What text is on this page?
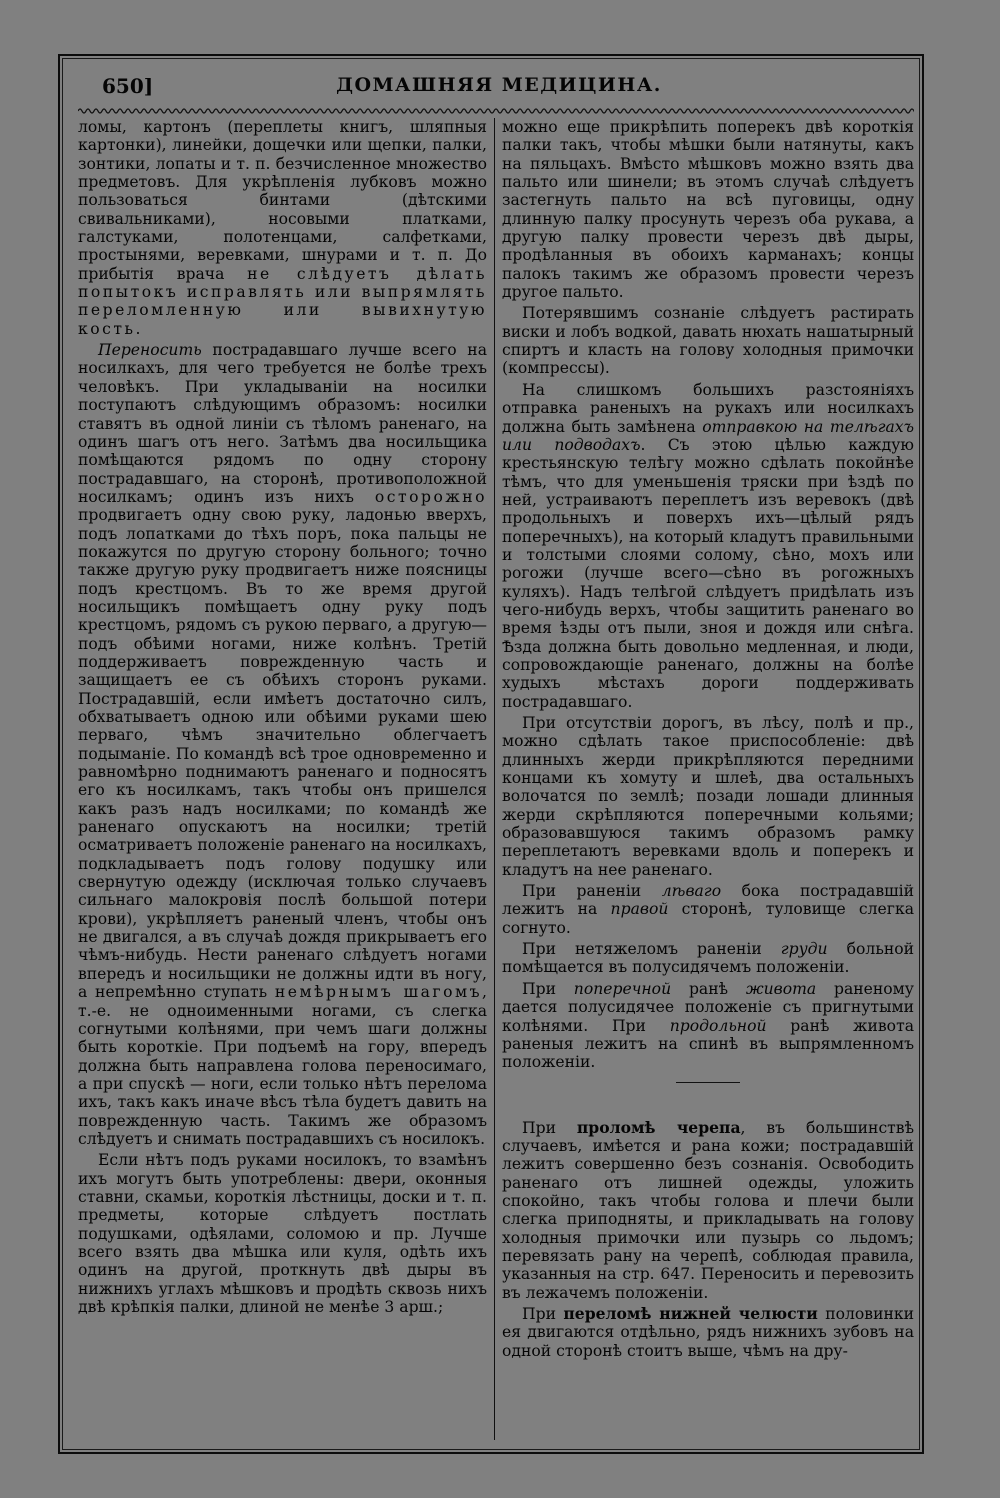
650]	ДОМАШНЯЯ МЕДИЦИНА.

ломы, картонъ (переплеты книгъ, шляпныя картонки), линейки, дощечки или щепки, палки, зонтики, лопаты и т. п. безчисленное множество предметовъ. Для укрѣпленія лубковъ можно пользоваться бинтами (дѣтскими свивальниками), носовыми платками, галстуками, полотенцами, салфетками, простынями, веревками, шнурами и т. п. До прибытія врача не слѣдуетъ дѣлать попытокъ исправлять или выпрямлять переломленную или вывихнутую кость.

Переносить пострадавшаго лучше всего на носилкахъ, для чего требуется не болѣе трехъ человѣкъ. При укладываніи на носилки поступаютъ слѣдующимъ образомъ: носилки ставятъ въ одной линіи съ тѣломъ раненаго, на одинъ шагъ отъ него. Затѣмъ два носильщика помѣщаются рядомъ по одну сторону пострадавшаго, на сторонѣ, противоположной носилкамъ; одинъ изъ нихъ осторожно продвигаетъ одну свою руку, ладонью вверхъ, подъ лопатками до тѣхъ поръ, пока пальцы не покажутся по другую сторону больного; точно также другую руку продвигаетъ ниже поясницы подъ крестцомъ. Въ то же время другой носильщикъ помѣщаетъ одну руку подъ крестцомъ, рядомъ съ рукою перваго, а другую—подъ обѣими ногами, ниже колѣнъ. Третій поддерживаетъ поврежденную часть и защищаетъ ее съ обѣихъ сторонъ руками. Пострадавшій, если имѣетъ достаточно силъ, обхватываетъ одною или обѣими руками шею перваго, чѣмъ значительно облегчаетъ подыманіе. По командѣ всѣ трое одновременно и равномѣрно поднимаютъ раненаго и подносятъ его къ носилкамъ, такъ чтобы онъ пришелся какъ разъ надъ носилками; по командѣ же раненаго опускаютъ на носилки; третій осматриваетъ положеніе раненаго на носилкахъ, подкладываетъ подъ голову подушку или свернутую одежду (исключая только случаевъ сильнаго малокровія послѣ большой потери крови), укрѣпляетъ раненый членъ, чтобы онъ не двигался, а въ случаѣ дождя прикрываетъ его чѣмъ-нибудь. Нести раненаго слѣдуетъ ногами впередъ и носильщики не должны идти въ ногу, а непремѣнно ступать немѣрнымъ шагомъ, т.-е. не одноименными ногами, съ слегка согнутыми колѣнями, при чемъ шаги должны быть короткіе. При подъемѣ на гору, впередъ должна быть направлена голова переносимаго, а при спускѣ — ноги, если только нѣтъ перелома ихъ, такъ какъ иначе вѣсъ тѣла будетъ давить на поврежденную часть. Такимъ же образомъ слѣдуетъ и снимать пострадавшихъ съ носилокъ.

Если нѣтъ подъ руками носилокъ, то взамѣнъ ихъ могутъ быть употреблены: двери, оконныя ставни, скамьи, короткія лѣстницы, доски и т. п. предметы, которые слѣдуетъ постлать подушками, одѣялами, соломою и пр. Лучше всего взять два мѣшка или куля, одѣть ихъ одинъ на другой, проткнуть двѣ дыры въ нижнихъ углахъ мѣшковъ и продѣть сквозь нихъ двѣ крѣпкія палки, длиной не менѣе 3 арш.;

можно еще прикрѣпить поперекъ двѣ короткія палки такъ, чтобы мѣшки были натянуты, какъ на пяльцахъ. Вмѣсто мѣшковъ можно взять два пальто или шинели; въ этомъ случаѣ слѣдуетъ застегнуть пальто на всѣ пуговицы, одну длинную палку просунуть черезъ оба рукава, а другую палку провести черезъ двѣ дыры, продѣланныя въ обоихъ карманахъ; концы палокъ такимъ же образомъ провести черезъ другое пальто.

Потерявшимъ сознаніе слѣдуетъ растирать виски и лобъ водкой, давать нюхать нашатырный спиртъ и класть на голову холодныя примочки (компрессы).

На слишкомъ большихъ разстояніяхъ отправка раненыхъ на рукахъ или носилкахъ должна быть замѣнена отправкою на телѣгахъ или подводахъ. Съ этою цѣлью каждую крестьянскую телѣгу можно сдѣлать покойнѣе тѣмъ, что для уменьшенія тряски при ѣздѣ по ней, устраиваютъ переплетъ изъ веревокъ (двѣ продольныхъ и поверхъ ихъ—цѣлый рядъ поперечныхъ), на который кладутъ правильными и толстыми слоями солому, сѣно, мохъ или рогожи (лучше всего—сѣно въ рогожныхъ куляхъ). Надъ телѣгой слѣдуетъ придѣлать изъ чего-нибудь верхъ, чтобы защитить раненаго во время ѣзды отъ пыли, зноя и дождя или снѣга. Ѣзда должна быть довольно медленная, и люди, сопровождающіе раненаго, должны на болѣе худыхъ мѣстахъ дороги поддерживать пострадавшаго.

При отсутствіи дорогъ, въ лѣсу, полѣ и пр., можно сдѣлать такое приспособленіе: двѣ длинныхъ жерди прикрѣпляются передними концами къ хомуту и шлеѣ, два остальныхъ волочатся по землѣ; позади лошади длинныя жерди скрѣпляются поперечными кольями; образовавшуюся такимъ образомъ рамку переплетаютъ веревками вдоль и поперекъ и кладутъ на нее раненаго.

При раненіи лѣваго бока пострадавшій лежитъ на правой сторонѣ, туловище слегка согнуто.

При нетяжеломъ раненіи груди больной помѣщается въ полусидячемъ положеніи.

При поперечной ранѣ живота раненому дается полусидячее положеніе съ пригнутыми колѣнями. При продольной ранѣ живота раненыя лежитъ на спинѣ въ выпрямленномъ положеніи.

При проломѣ черепа, въ большинствѣ случаевъ, имѣется и рана кожи; пострадавшій лежитъ совершенно безъ сознанія. Освободить раненаго отъ лишней одежды, уложить спокойно, такъ чтобы голова и плечи были слегка приподняты, и прикладывать на голову холодныя примочки или пузырь со льдомъ; перевязать рану на черепѣ, соблюдая правила, указанныя на стр. 647. Переносить и перевозить въ лежачемъ положеніи.

При переломѣ нижней челюсти половинки ея двигаются отдѣльно, рядъ нижнихъ зубовъ на одной сторонѣ стоитъ выше, чѣмъ на дру-
